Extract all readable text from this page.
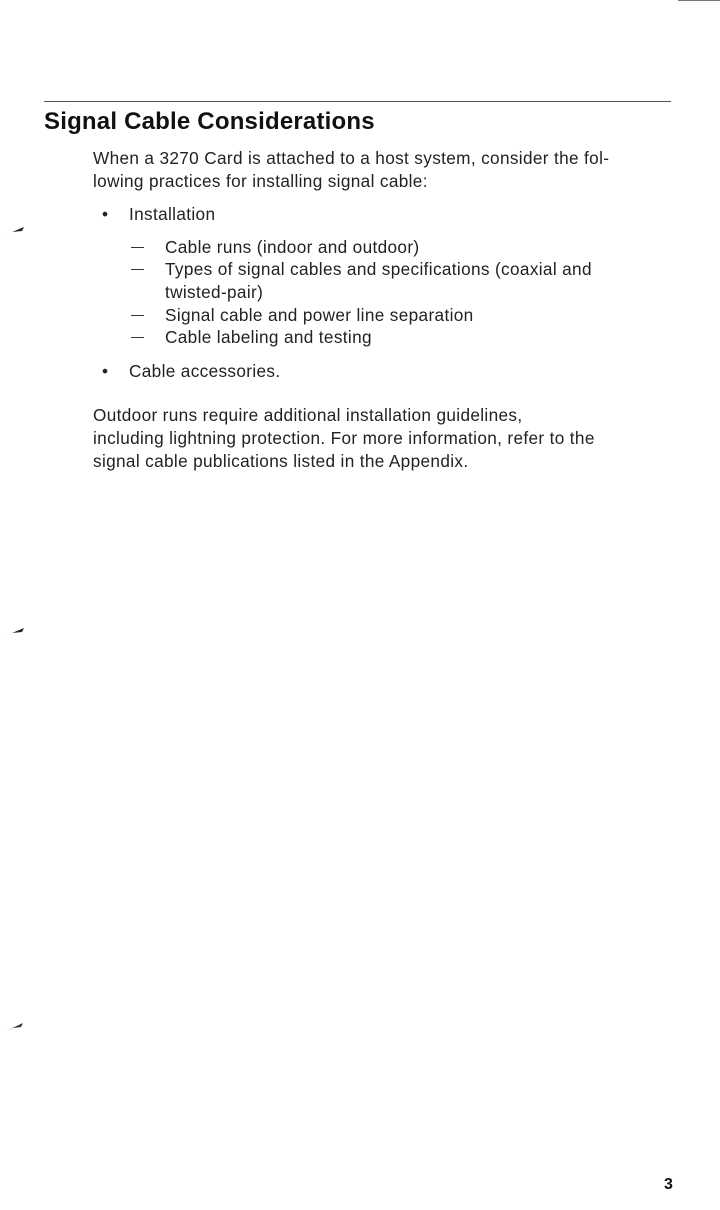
Signal Cable Considerations

When a 3270 Card is attached to a host system, consider the fol-
lowing practices for installing signal cable:

• Installation
Cable runs (indoor and outdoor)
Types of signal cables and specifications (coaxial and
twisted-pair)
Signal cable and power line separation
Cable labeling and testing
• Cable accessories.

Outdoor runs require additional installation guidelines,
including lightning protection. For more information, refer to the
signal cable publications listed in the Appendix.

3
